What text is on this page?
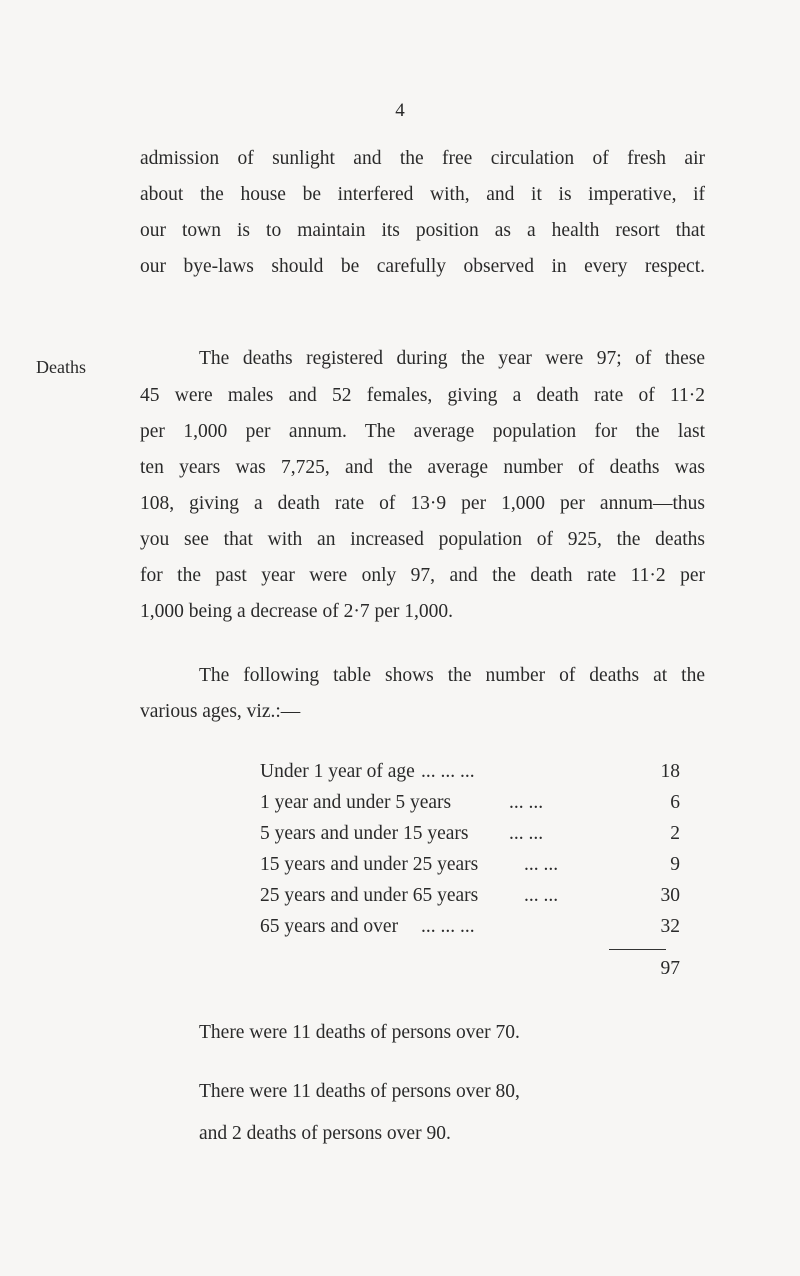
4
admission of sunlight and the free circulation of fresh air
about the house be interfered with, and it is imperative, if
our town is to maintain its position as a health resort that
our bye-laws should be carefully observed in every respect.
Deaths	The deaths registered during the year were 97; of these
45 were males and 52 females, giving a death rate of 11·2
per 1,000 per annum. The average population for the last
ten years was 7,725, and the average number of deaths was
108, giving a death rate of 13·9 per 1,000 per annum—thus
you see that with an increased population of 925, the deaths
for the past year were only 97, and the death rate 11·2 per
1,000 being a decrease of 2·7 per 1,000.
The following table shows the number of deaths at the
various ages, viz.:—
Under 1 year of age ... ... ...	18
1 year and under 5 years	... ...	6
5 years and under 15 years ... ...	2
15 years and under 25 years ... ...	9
25 years and under 65 years ... ...	30
65 years and over ... ... ...	32
97
There were 11 deaths of persons over 70.
There were 11 deaths of persons over 80,
and 2 deaths of persons over 90.
